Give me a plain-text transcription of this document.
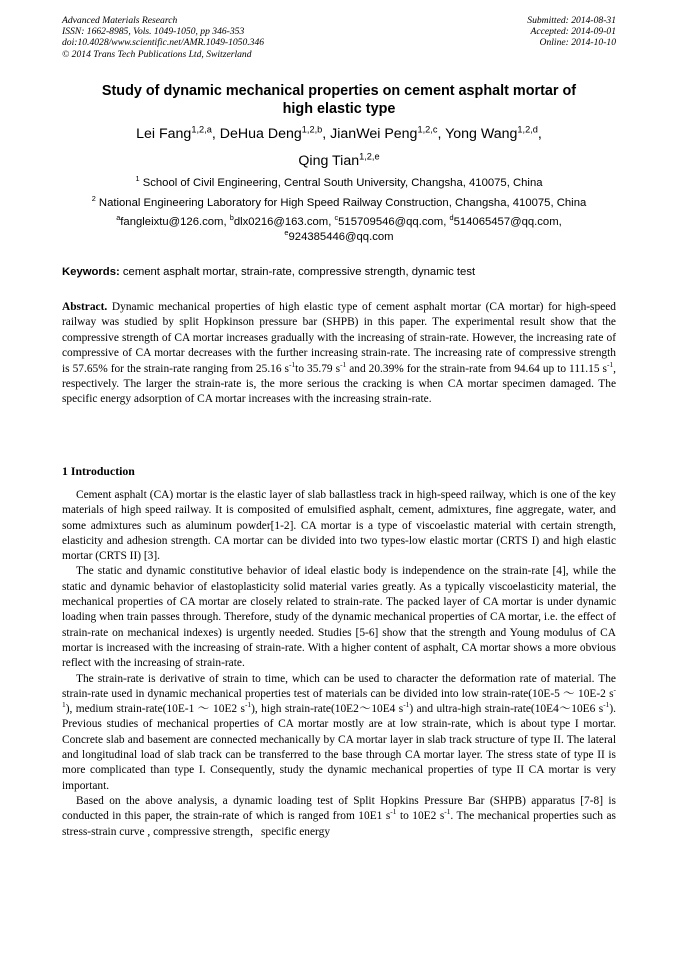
Advanced Materials Research
ISSN: 1662-8985, Vols. 1049-1050, pp 346-353
doi:10.4028/www.scientific.net/AMR.1049-1050.346
© 2014 Trans Tech Publications Ltd, Switzerland
Submitted: 2014-08-31
Accepted: 2014-09-01
Online: 2014-10-10
Study of dynamic mechanical properties on cement asphalt mortar of
high elastic type
Lei Fang$^{1,2,a}$, DeHua Deng$^{1,2,b}$, JianWei Peng$^{1,2,c}$, Yong Wang$^{1,2,d}$,
Qing Tian$^{1,2,e}$
$^1$ School of Civil Engineering, Central South University, Changsha, 410075, China
$^2$ National Engineering Laboratory for High Speed Railway Construction, Changsha, 410075, China
$^a$fangleixtu@126.com, $^b$dlx0216@163.com, $^c$515709546@qq.com, $^d$514065457@qq.com,
$^e$924385446@qq.com
Keywords: cement asphalt mortar, strain-rate, compressive strength, dynamic test
Abstract. Dynamic mechanical properties of high elastic type of cement asphalt mortar (CA mortar) for high-speed railway was studied by split Hopkinson pressure bar (SHPB) in this paper. The experimental result show that the compressive strength of CA mortar increases gradually with the increasing of strain-rate. However, the increasing rate of compressive of CA mortar decreases with the further increasing strain-rate. The increasing rate of compressive strength is 57.65% for the strain-rate ranging from 25.16 $s^{-1}to$ 35.79 $s^{-1}$ and 20.39% for the strain-rate from 94.64 up to 111.15 $s^{-1}$, respectively. The larger the strain-rate is, the more serious the cracking is when CA mortar specimen damaged. The specific energy adsorption of CA mortar increases with the increasing strain-rate.
1 Introduction

Cement asphalt (CA) mortar is the elastic layer of slab ballastless track in high-speed railway, which is one of the key materials of high speed railway. It is composited of emulsified asphalt, cement, admixtures, fine aggregate, water, and some admixtures such as aluminum powder[1-2]. CA mortar is a type of viscoelastic material with certain strength, elasticity and adhesion strength. CA mortar can be divided into two types-low elastic mortar (CRTS I) and high elastic mortar (CRTS II) [3].

The static and dynamic constitutive behavior of ideal elastic body is independence on the strain-rate [4], while the static and dynamic behavior of elastoplasticity solid material varies greatly. As a typically viscoelasticity material, the mechanical properties of CA mortar are closely related to strain-rate. The packed layer of CA mortar is under dynamic loading when train passes through. Therefore, study of the dynamic mechanical properties of CA mortar, i.e. the effect of strain-rate on mechanical indexes) is urgently needed. Studies [5-6] show that the strength and Young modulus of CA mortar is increased with the increasing of strain-rate. With a higher content of asphalt, CA mortar shows a more obvious reflect with the increasing of strain-rate.

The strain-rate is derivative of strain to time, which can be used to character the deformation rate of material. The strain-rate used in dynamic mechanical properties test of materials can be divided into low strain-rate(10E-5 ～ 10E-2 $s^{-1}$), medium strain-rate(10E-1 ～ 10E2 $s^{-1}$), high strain-rate(10E2～10E4 $s^{-1}$) and ultra-high strain-rate(10E4～10E6 $s^{-1}$). Previous studies of mechanical properties of CA mortar mostly are at low strain-rate, which is about type I mortar. Concrete slab and basement are connected mechanically by CA mortar layer in slab track structure of type II. The lateral and longitudinal load of slab track can be transferred to the base through CA mortar layer. The stress state of type II is more complicated than type I. Consequently, study the dynamic mechanical properties of type II CA mortar is very important.

Based on the above analysis, a dynamic loading test of Split Hopkins Pressure Bar (SHPB) apparatus [7-8] is conducted in this paper, the strain-rate of which is ranged from 10E1 $s^{-1}$ to 10E2 $s^{-1}$. The mechanical properties such as stress-strain curve , compressive strength，specific energy
